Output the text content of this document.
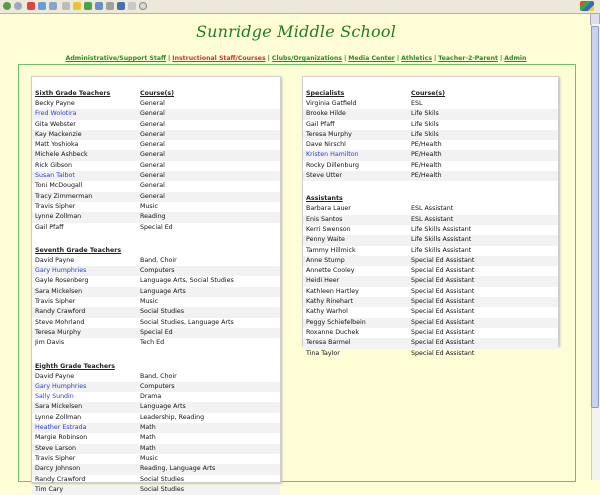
Sunridge Middle School
Administrative/Support Staff | Instructional Staff/Courses | Clubs/Organizations | Media Center | Athletics | Teacher-2-Parent | Admin
Sixth Grade Teachers	Course(s)
Becky Payne	General
Fred Wolotira	General
Gita Webster	General
Kay Mackenzie	General
Matt Yoshioka	General
Michele Ashbeck	General
Rick Gibson	General
Susan Talbot	General
Toni McDougall	General
Tracy Zimmerman	General
Travis Sipher	Music
Lynne Zollman	Reading
Gail Pfaff	Special Ed
Seventh Grade Teachers
David Payne	Band, Choir
Gary Humphries	Computers
Gayle Rosenberg	Language Arts, Social Studies
Sara Mickelsen	Language Arts
Travis Sipher	Music
Randy Crawford	Social Studies
Steve Mohrland	Social Studies, Language Arts
Teresa Murphy	Special Ed
Jim Davis	Tech Ed
Eighth Grade Teachers
David Payne	Band, Choir
Gary Humphries	Computers
Sally Sundin	Drama
Sara Mickelsen	Language Arts
Lynne Zollman	Leadership, Reading
Heather Estrada	Math
Margie Robinson	Math
Steve Larson	Math
Travis Sipher	Music
Darcy Johnson	Reading, Language Arts
Randy Crawford	Social Studies
Tim Cary	Social Studies
Specialists	Course(s)
Virginia Gatfield	ESL
Brooke Hilde	Life Skils
Gail Pfaff	Life Skils
Teresa Murphy	Life Skils
Dave Nirschl	PE/Health
Kristen Hamilton	PE/Health
Rocky Dillenburg	PE/Health
Steve Utter	PE/Health
Assistants
Barbara Lauer	ESL Assistant
Enis Santos	ESL Assistant
Kerri Swenson	Life Skills Assistant
Penny Waite	Life Skills Assistant
Tammy Hillmick	Life Skills Assistant
Anne Stump	Special Ed Assistant
Annette Cooley	Special Ed Assistant
Heidi Heer	Special Ed Assistant
Kathleen Hartley	Special Ed Assistant
Kathy Rinehart	Special Ed Assistant
Kathy Warhol	Special Ed Assistant
Peggy Schiefelbein	Special Ed Assistant
Roxanne Duchek	Special Ed Assistant
Teresa Barmel	Special Ed Assistant
Tina Taylor	Special Ed Assistant
